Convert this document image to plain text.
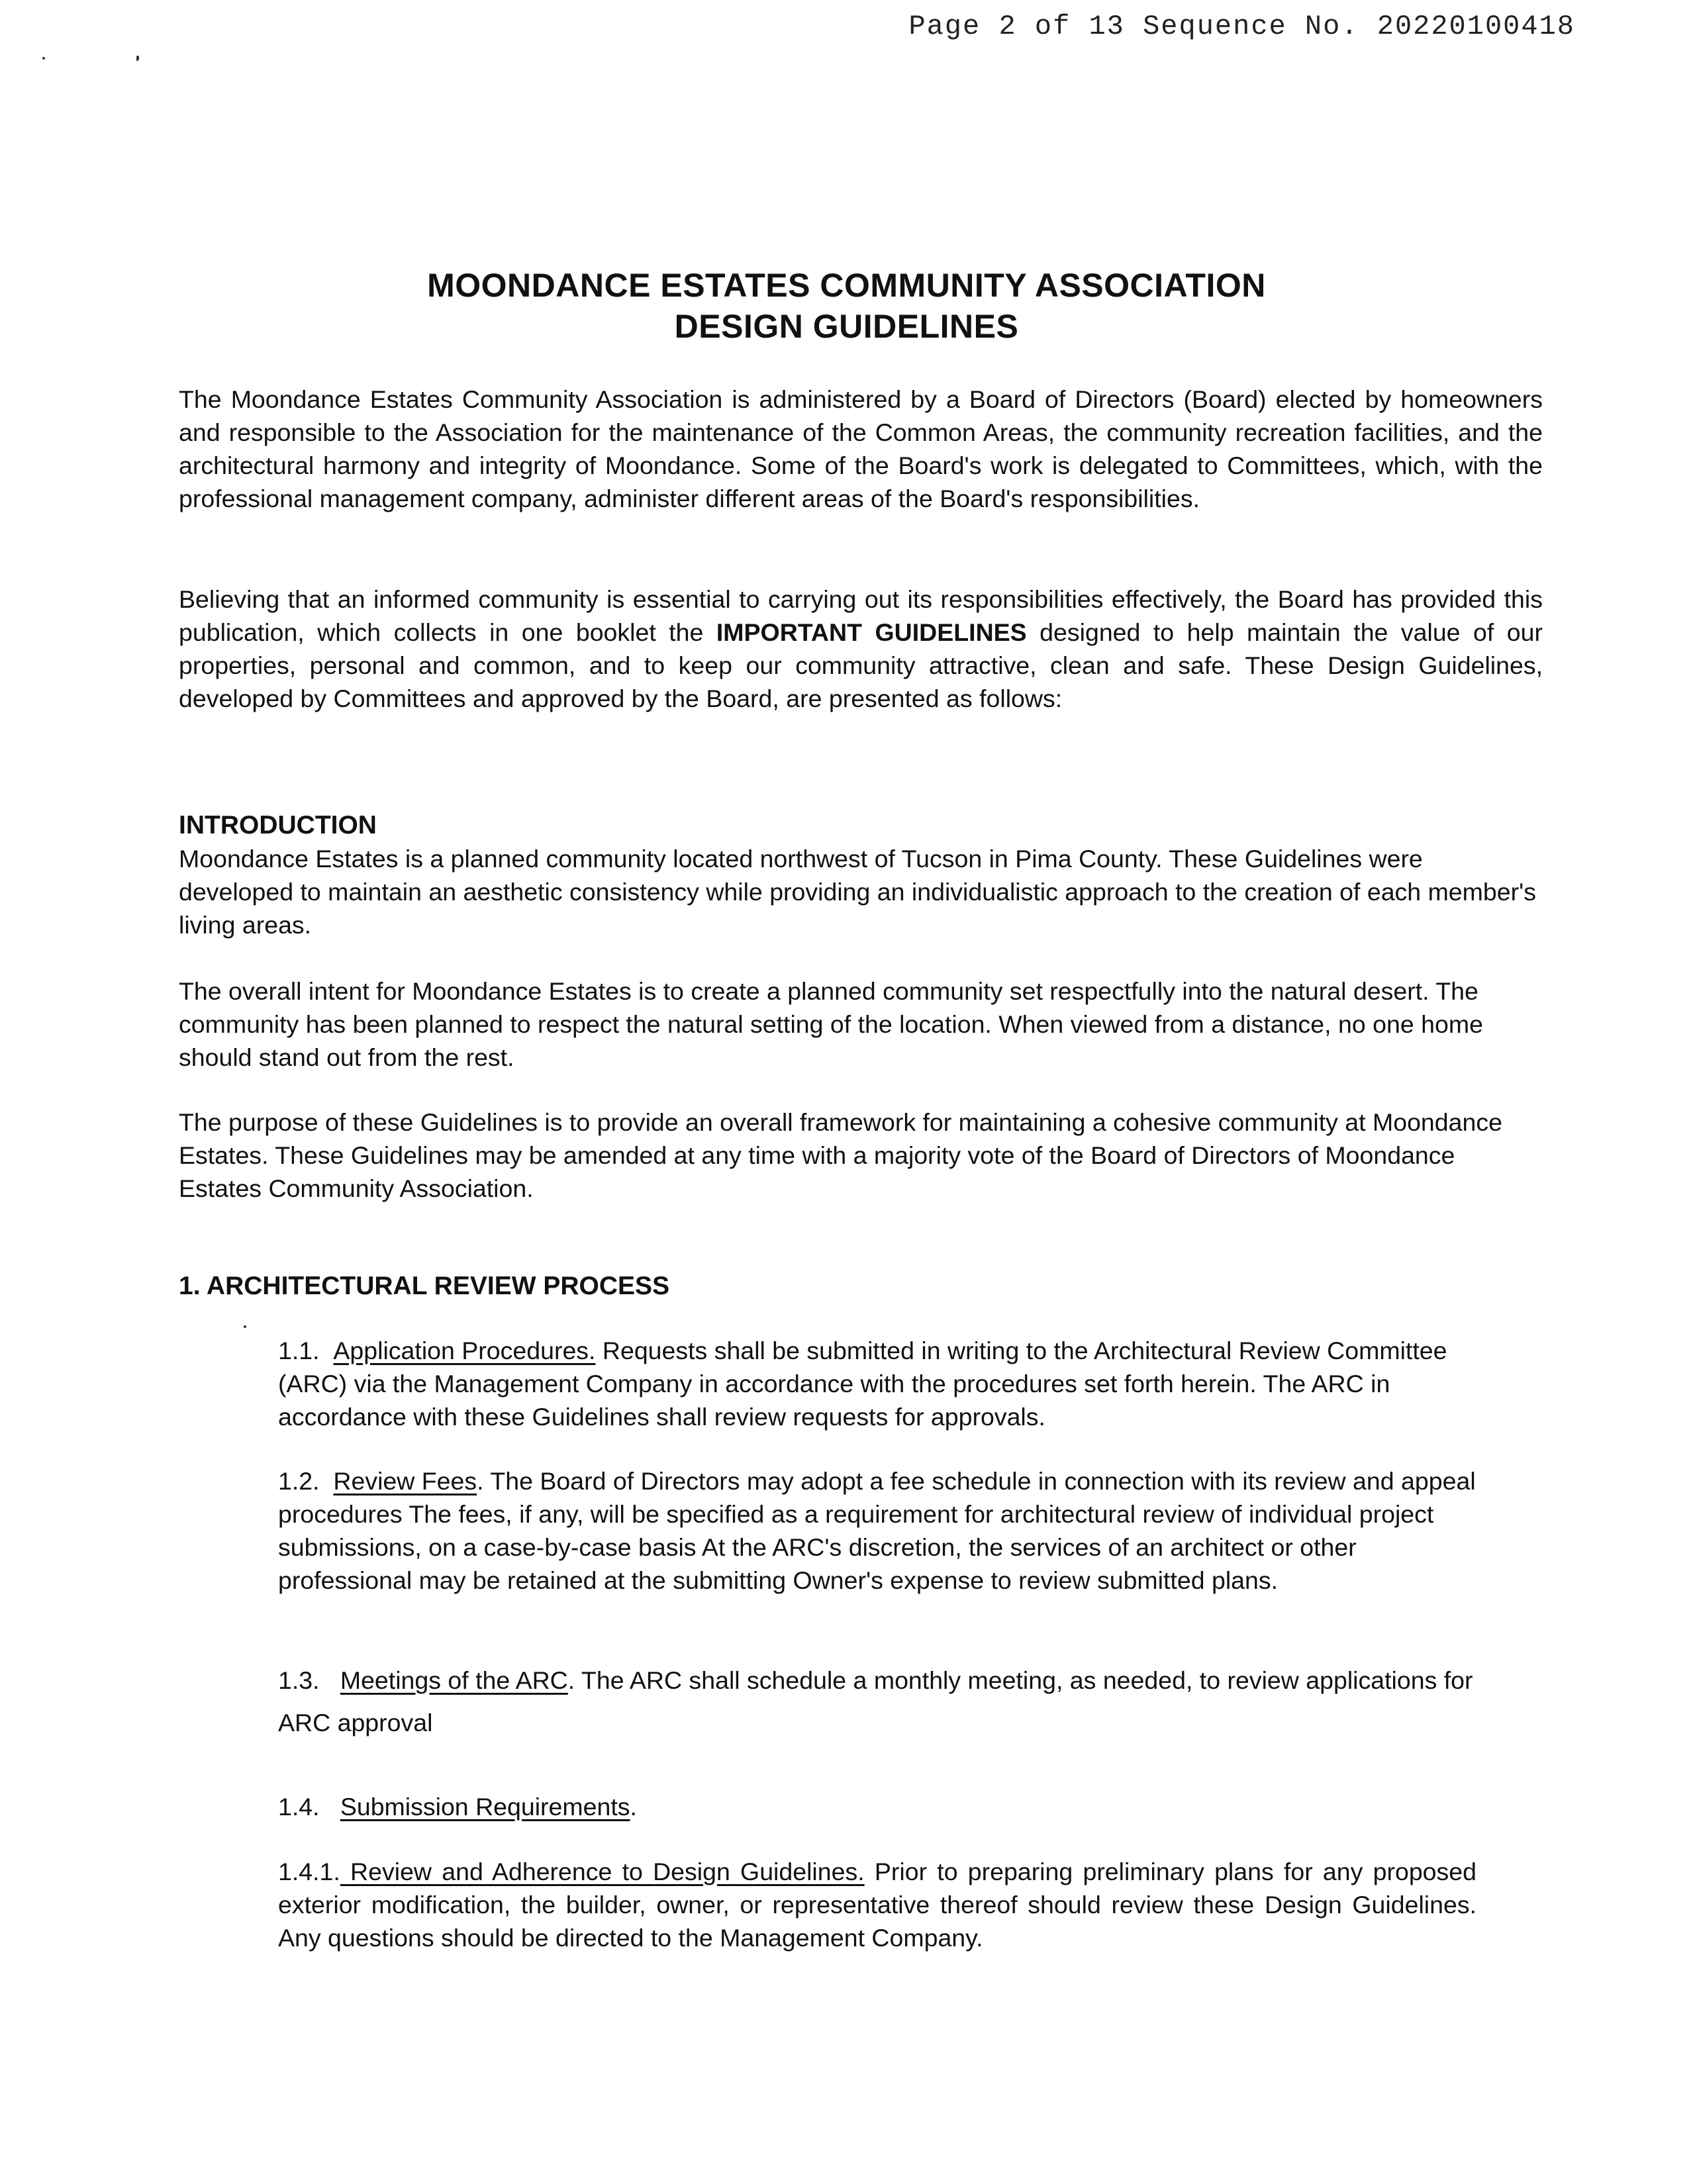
Page 2 of 13 Sequence No. 20220100418
MOONDANCE ESTATES COMMUNITY ASSOCIATION
DESIGN GUIDELINES

The Moondance Estates Community Association is administered by a Board of Directors (Board) elected by homeowners and responsible to the Association for the maintenance of the Common Areas, the community recreation facilities, and the architectural harmony and integrity of Moondance. Some of the Board's work is delegated to Committees, which, with the professional management company, administer different areas of the Board's responsibilities.

Believing that an informed community is essential to carrying out its responsibilities effectively, the Board has provided this publication, which collects in one booklet the IMPORTANT GUIDELINES designed to help maintain the value of our properties, personal and common, and to keep our community attractive, clean and safe. These Design Guidelines, developed by Committees and approved by the Board, are presented as follows:

INTRODUCTION

Moondance Estates is a planned community located northwest of Tucson in Pima County. These Guidelines were developed to maintain an aesthetic consistency while providing an individualistic approach to the creation of each member's living areas.

The overall intent for Moondance Estates is to create a planned community set respectfully into the natural desert. The community has been planned to respect the natural setting of the location. When viewed from a distance, no one home should stand out from the rest.

The purpose of these Guidelines is to provide an overall framework for maintaining a cohesive community at Moondance Estates. These Guidelines may be amended at any time with a majority vote of the Board of Directors of Moondance Estates Community Association.

1. ARCHITECTURAL REVIEW PROCESS

1.1. Application Procedures. Requests shall be submitted in writing to the Architectural Review Committee (ARC) via the Management Company in accordance with the procedures set forth herein. The ARC in accordance with these Guidelines shall review requests for approvals.

1.2. Review Fees. The Board of Directors may adopt a fee schedule in connection with its review and appeal procedures The fees, if any, will be specified as a requirement for architectural review of individual project submissions, on a case-by-case basis At the ARC's discretion, the services of an architect or other professional may be retained at the submitting Owner's expense to review submitted plans.

1.3. Meetings of the ARC. The ARC shall schedule a monthly meeting, as needed, to review applications for ARC approval

1.4. Submission Requirements.

1.4.1. Review and Adherence to Design Guidelines. Prior to preparing preliminary plans for any proposed exterior modification, the builder, owner, or representative thereof should review these Design Guidelines. Any questions should be directed to the Management Company.
